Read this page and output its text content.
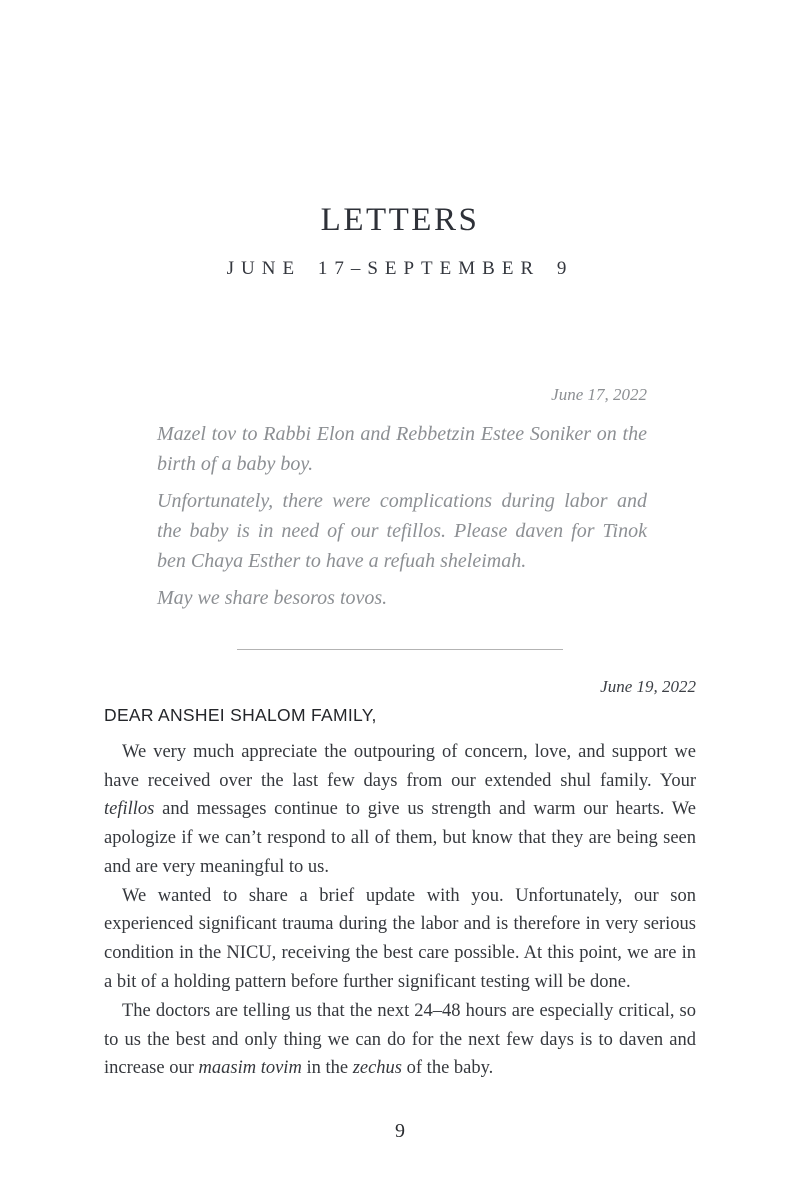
LETTERS
JUNE 17–SEPTEMBER 9
June 17, 2022

Mazel tov to Rabbi Elon and Rebbetzin Estee Soniker on the birth of a baby boy.

Unfortunately, there were complications during labor and the baby is in need of our tefillos. Please daven for Tinok ben Chaya Esther to have a refuah sheleimah.

May we share besoros tovos.

June 19, 2022
DEAR ANSHEI SHALOM FAMILY,

We very much appreciate the outpouring of concern, love, and support we have received over the last few days from our extended shul family. Your tefillos and messages continue to give us strength and warm our hearts. We apologize if we can’t respond to all of them, but know that they are being seen and are very meaningful to us.

We wanted to share a brief update with you. Unfortunately, our son experienced significant trauma during the labor and is therefore in very serious condition in the NICU, receiving the best care possible. At this point, we are in a bit of a holding pattern before further significant testing will be done.

The doctors are telling us that the next 24–48 hours are especially critical, so to us the best and only thing we can do for the next few days is to daven and increase our maasim tovim in the zechus of the baby.

9
